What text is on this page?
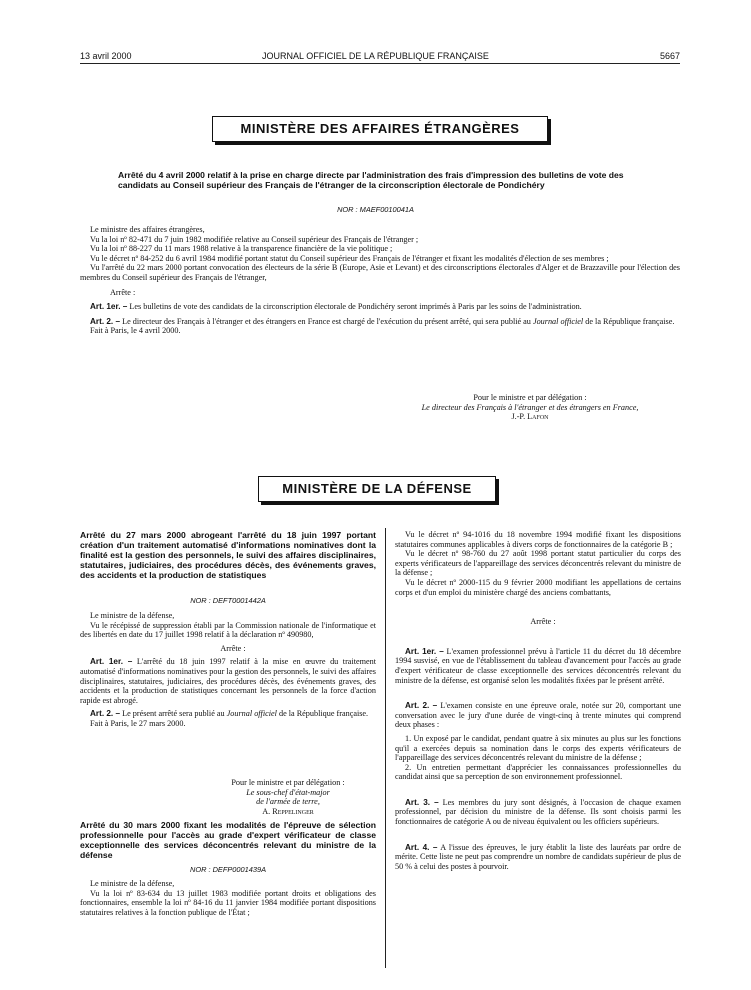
13 avril 2000	JOURNAL OFFICIEL DE LA RÉPUBLIQUE FRANÇAISE	5667
MINISTÈRE DES AFFAIRES ÉTRANGÈRES
Arrêté du 4 avril 2000 relatif à la prise en charge directe par l'administration des frais d'impression des bulletins de vote des candidats au Conseil supérieur des Français de l'étranger de la circonscription électorale de Pondichéry
NOR : MAEF0010041A

Le ministre des affaires étrangères,

Vu la loi nº 82-471 du 7 juin 1982 modifiée relative au Conseil supérieur des Français de l'étranger ;

Vu la loi nº 88-227 du 11 mars 1988 relative à la transparence financière de la vie politique ;

Vu le décret nº 84-252 du 6 avril 1984 modifié portant statut du Conseil supérieur des Français de l'étranger et fixant les modalités d'élection de ses membres ;

Vu l'arrêté du 22 mars 2000 portant convocation des électeurs de la série B (Europe, Asie et Levant) et des circonscriptions électorales d'Alger et de Brazzaville pour l'élection des membres du Conseil supérieur des Français de l'étranger,

Arrête :

Art. 1er. – Les bulletins de vote des candidats de la circonscription électorale de Pondichéry seront imprimés à Paris par les soins de l'administration.

Art. 2. – Le directeur des Français à l'étranger et des étrangers en France est chargé de l'exécution du présent arrêté, qui sera publié au Journal officiel de la République française.

Fait à Paris, le 4 avril 2000.

Pour le ministre et par délégation :
Le directeur des Français à l'étranger et des étrangers en France,
J.-P. Lafon
MINISTÈRE DE LA DÉFENSE
Arrêté du 27 mars 2000 abrogeant l'arrêté du 18 juin 1997 portant création d'un traitement automatisé d'informations nominatives dont la finalité est la gestion des personnels, le suivi des affaires disciplinaires, statutaires, judiciaires, des procédures décès, des événements graves, des accidents et la production de statistiques
NOR : DEFT0001442A

Le ministre de la défense,

Vu le récépissé de suppression établi par la Commission nationale de l'informatique et des libertés en date du 17 juillet 1998 relatif à la déclaration nº 490980,

Arrête :

Art. 1er. – L'arrêté du 18 juin 1997 relatif à la mise en œuvre du traitement automatisé d'informations nominatives pour la gestion des personnels, le suivi des affaires disciplinaires, statutaires, judiciaires, des procédures décès, des événements graves, des accidents et la production de statistiques concernant les personnels de la force d'action rapide est abrogé.

Art. 2. – Le présent arrêté sera publié au Journal officiel de la République française.

Fait à Paris, le 27 mars 2000.

Pour le ministre et par délégation :
Le sous-chef d'état-major
de l'armée de terre,
A. Reppelinger
Arrêté du 30 mars 2000 fixant les modalités de l'épreuve de sélection professionnelle pour l'accès au grade d'expert vérificateur de classe exceptionnelle des services déconcentrés relevant du ministre de la défense
NOR : DEFP0001439A

Le ministre de la défense,

Vu la loi nº 83-634 du 13 juillet 1983 modifiée portant droits et obligations des fonctionnaires, ensemble la loi nº 84-16 du 11 janvier 1984 modifiée portant dispositions statutaires relatives à la fonction publique de l'État ;

Vu le décret nº 94-1016 du 18 novembre 1994 modifié fixant les dispositions statutaires communes applicables à divers corps de fonctionnaires de la catégorie B ;

Vu le décret nº 98-760 du 27 août 1998 portant statut particulier du corps des experts vérificateurs de l'appareillage des services déconcentrés relevant du ministre de la défense ;

Vu le décret nº 2000-115 du 9 février 2000 modifiant les appellations de certains corps et d'un emploi du ministère chargé des anciens combattants,

Arrête :

Art. 1er. – L'examen professionnel prévu à l'article 11 du décret du 18 décembre 1994 susvisé, en vue de l'établissement du tableau d'avancement pour l'accès au grade d'expert vérificateur de classe exceptionnelle des services déconcentrés relevant du ministre de la défense, est organisé selon les modalités fixées par le présent arrêté.

Art. 2. – L'examen consiste en une épreuve orale, notée sur 20, comportant une conversation avec le jury d'une durée de vingt-cinq à trente minutes qui comprend deux phases :

1. Un exposé par le candidat, pendant quatre à six minutes au plus sur les fonctions qu'il a exercées depuis sa nomination dans le corps des experts vérificateurs de l'appareillage des services déconcentrés relevant du ministre de la défense ;

2. Un entretien permettant d'apprécier les connaissances professionnelles du candidat ainsi que sa perception de son environnement professionnel.

Art. 3. – Les membres du jury sont désignés, à l'occasion de chaque examen professionnel, par décision du ministre de la défense. Ils sont choisis parmi les fonctionnaires de catégorie A ou de niveau équivalent ou les officiers supérieurs.

Art. 4. – A l'issue des épreuves, le jury établit la liste des lauréats par ordre de mérite. Cette liste ne peut pas comprendre un nombre de candidats supérieur de plus de 50 % à celui des postes à pourvoir.
